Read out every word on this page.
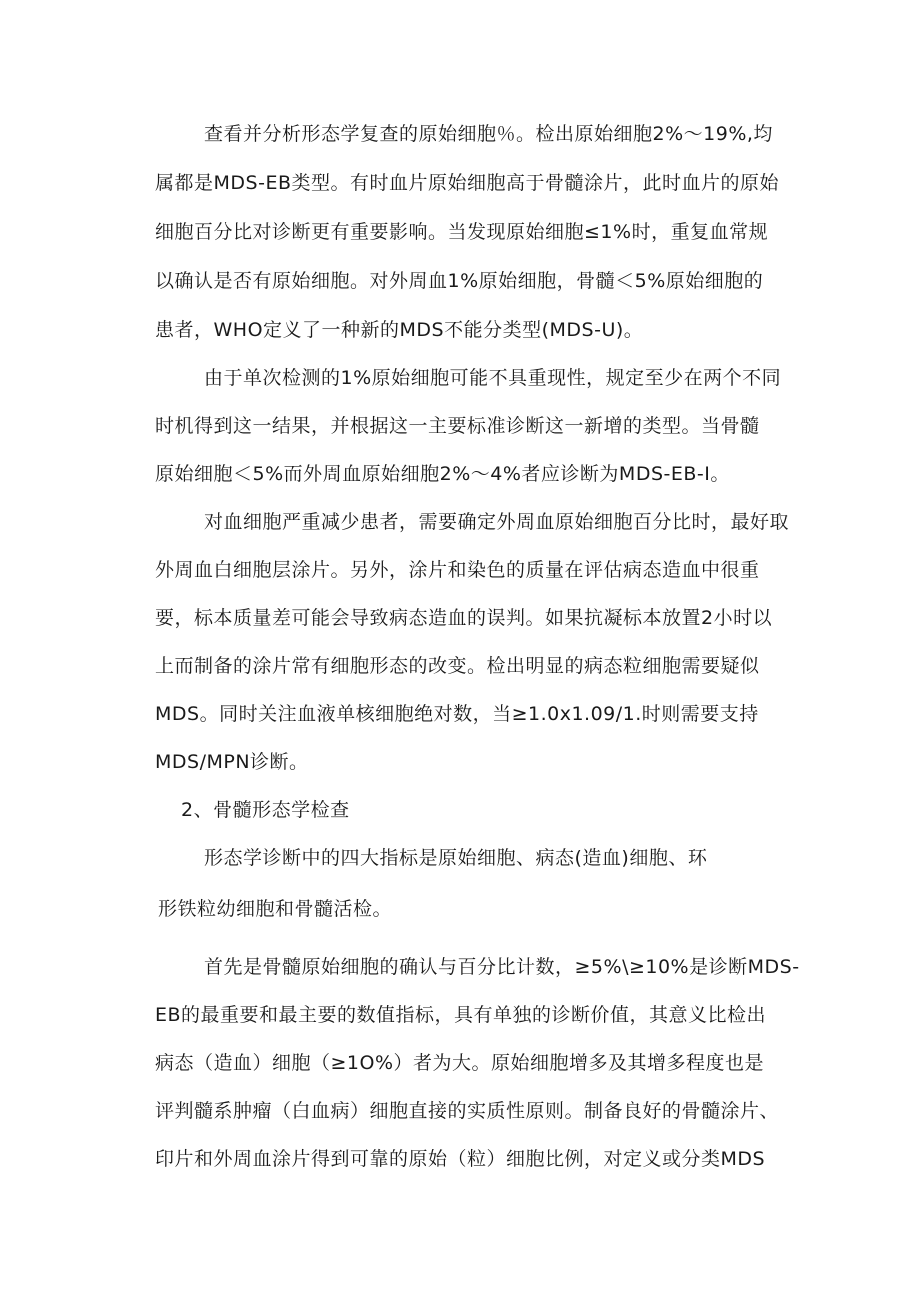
查看并分析形态学复查的原始细胞％。检出原始细胞2%～19%,均
属都是MDS-EB类型。有时血片原始细胞高于骨髓涂片，此时血片的原始
细胞百分比对诊断更有重要影响。当发现原始细胞≤1%时，重复血常规
以确认是否有原始细胞。对外周血1%原始细胞，骨髓＜5%原始细胞的
患者，WHO定义了一种新的MDS不能分类型(MDS-U)。
由于单次检测的1%原始细胞可能不具重现性，规定至少在两个不同
时机得到这一结果，并根据这一主要标准诊断这一新增的类型。当骨髓
原始细胞＜5%而外周血原始细胞2%～4%者应诊断为MDS-EB-I。
对血细胞严重减少患者，需要确定外周血原始细胞百分比时，最好取
外周血白细胞层涂片。另外，涂片和染色的质量在评估病态造血中很重
要，标本质量差可能会导致病态造血的误判。如果抗凝标本放置2小时以
上而制备的涂片常有细胞形态的改变。检出明显的病态粒细胞需要疑似
MDS。同时关注血液单核细胞绝对数，当≥1.0x1.09/1.时则需要支持
MDS/MPN诊断。
2、骨髓形态学检查
形态学诊断中的四大指标是原始细胞、病态(造血)细胞、环
形铁粒幼细胞和骨髓活检。
首先是骨髓原始细胞的确认与百分比计数，≥5%\≥10%是诊断MDS-
EB的最重要和最主要的数值指标，具有单独的诊断价值，其意义比检出
病态（造血）细胞（≥1O%）者为大。原始细胞增多及其增多程度也是
评判髓系肿瘤（白血病）细胞直接的实质性原则。制备良好的骨髓涂片、
印片和外周血涂片得到可靠的原始（粒）细胞比例，对定义或分类MDS
